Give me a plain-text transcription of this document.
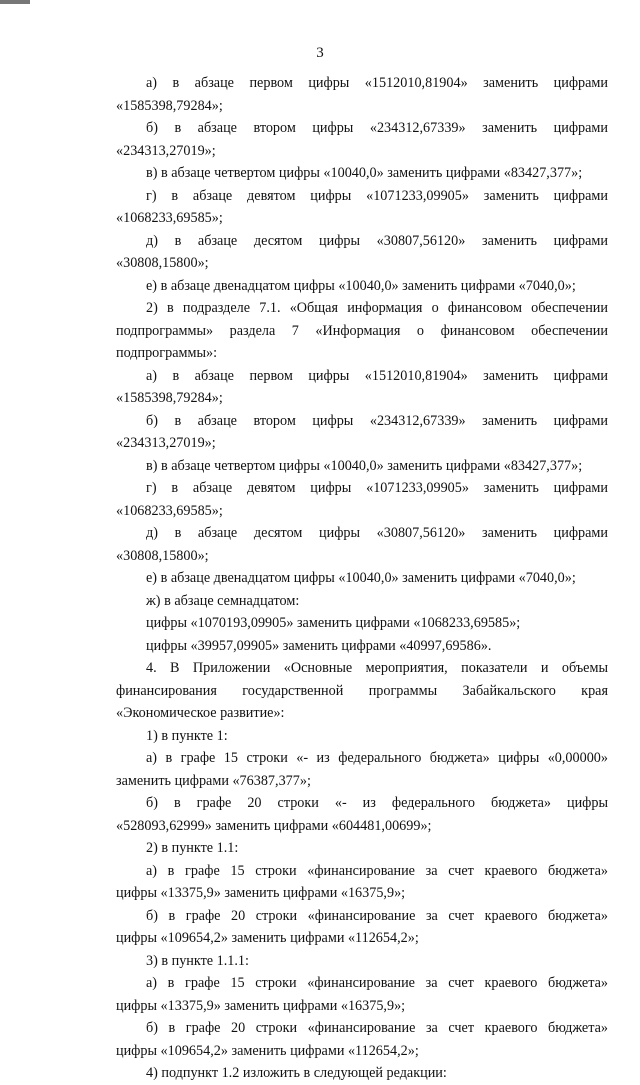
3
а) в абзаце первом цифры «1512010,81904» заменить цифрами
«1585398,79284»;
б) в абзаце втором цифры «234312,67339» заменить цифрами
«234313,27019»;
в) в абзаце четвертом цифры «10040,0» заменить цифрами «83427,377»;
г) в абзаце девятом цифры «1071233,09905» заменить цифрами
«1068233,69585»;
д) в абзаце десятом цифры «30807,56120» заменить цифрами
«30808,15800»;
е) в абзаце двенадцатом цифры «10040,0» заменить цифрами «7040,0»;
2) в подразделе 7.1. «Общая информация о финансовом обеспечении
подпрограммы» раздела 7 «Информация о финансовом обеспечении
подпрограммы»:
а) в абзаце первом цифры «1512010,81904» заменить цифрами
«1585398,79284»;
б) в абзаце втором цифры «234312,67339» заменить цифрами
«234313,27019»;
в) в абзаце четвертом цифры «10040,0» заменить цифрами «83427,377»;
г) в абзаце девятом цифры «1071233,09905» заменить цифрами
«1068233,69585»;
д) в абзаце десятом цифры «30807,56120» заменить цифрами
«30808,15800»;
е) в абзаце двенадцатом цифры «10040,0» заменить цифрами «7040,0»;
ж) в абзаце семнадцатом:
цифры «1070193,09905» заменить цифрами «1068233,69585»;
цифры «39957,09905» заменить цифрами «40997,69586».
4. В Приложении «Основные мероприятия, показатели и объемы
финансирования государственной программы Забайкальского края
«Экономическое развитие»:
1) в пункте 1:
а) в графе 15 строки «- из федерального бюджета» цифры «0,00000»
заменить цифрами «76387,377»;
б) в графе 20 строки «- из федерального бюджета» цифры
«528093,62999» заменить цифрами «604481,00699»;
2) в пункте 1.1:
а) в графе 15 строки «финансирование за счет краевого бюджета»
цифры «13375,9» заменить цифрами «16375,9»;
б) в графе 20 строки «финансирование за счет краевого бюджета»
цифры «109654,2» заменить цифрами «112654,2»;
3) в пункте 1.1.1:
а) в графе 15 строки «финансирование за счет краевого бюджета»
цифры «13375,9» заменить цифрами «16375,9»;
б) в графе 20 строки «финансирование за счет краевого бюджета»
цифры «109654,2» заменить цифрами «112654,2»;
4) подпункт 1.2 изложить в следующей редакции:
